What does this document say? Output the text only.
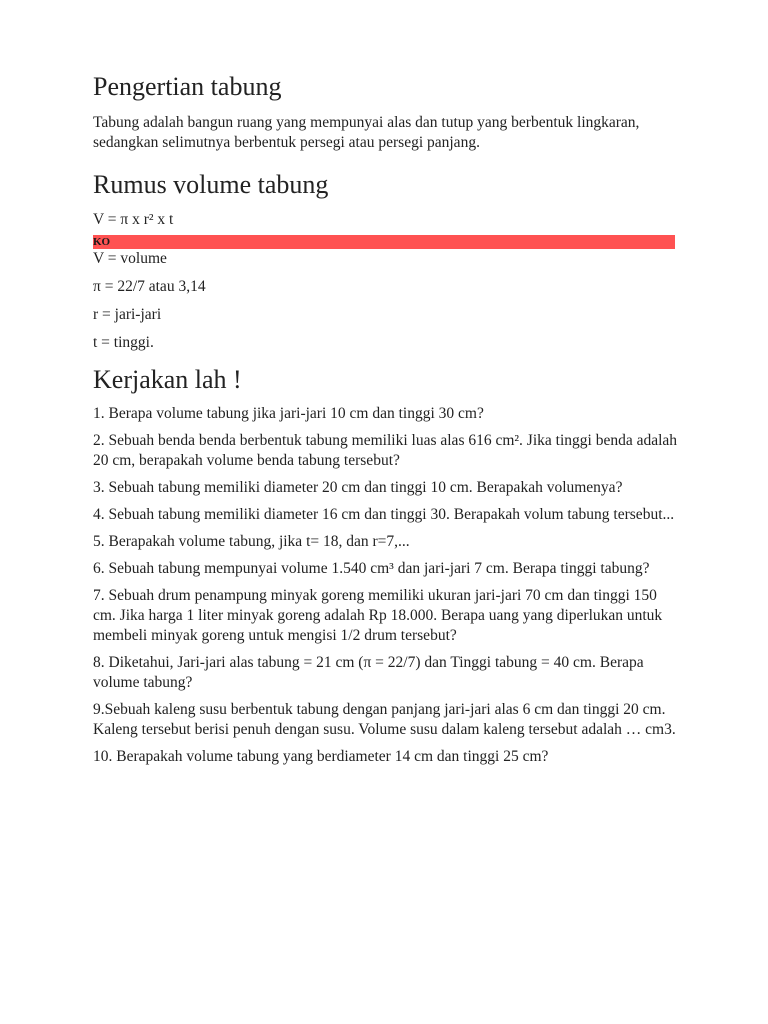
Pengertian tabung

Tabung adalah bangun ruang yang mempunyai alas dan tutup yang berbentuk lingkaran, sedangkan selimutnya berbentuk persegi atau persegi panjang.

Rumus volume tabung

V = π x r² x t

KO
V = volume
π = 22/7 atau 3,14
r = jari-jari
t = tinggi.
Kerjakan lah !
1. Berapa volume tabung jika jari-jari 10 cm dan tinggi 30 cm?
2. Sebuah benda benda berbentuk tabung memiliki luas alas 616 cm². Jika tinggi benda adalah 20 cm, berapakah volume benda tabung tersebut?
3. Sebuah tabung memiliki diameter 20 cm dan tinggi 10 cm. Berapakah volumenya?
4. Sebuah tabung memiliki diameter 16 cm dan tinggi 30. Berapakah volum tabung tersebut...
5. Berapakah volume tabung, jika t= 18, dan r=7,...
6. Sebuah tabung mempunyai volume 1.540 cm³ dan jari-jari 7 cm. Berapa tinggi tabung?
7. Sebuah drum penampung minyak goreng memiliki ukuran jari-jari 70 cm dan tinggi 150 cm. Jika harga 1 liter minyak goreng adalah Rp 18.000. Berapa uang yang diperlukan untuk membeli minyak goreng untuk mengisi 1/2 drum tersebut?
8. Diketahui, Jari-jari alas tabung = 21 cm (π = 22/7) dan Tinggi tabung = 40 cm. Berapa volume tabung?
9.Sebuah kaleng susu berbentuk tabung dengan panjang jari-jari alas 6 cm dan tinggi 20 cm. Kaleng tersebut berisi penuh dengan susu. Volume susu dalam kaleng tersebut adalah … cm3.
10. Berapakah volume tabung yang berdiameter 14 cm dan tinggi 25 cm?
